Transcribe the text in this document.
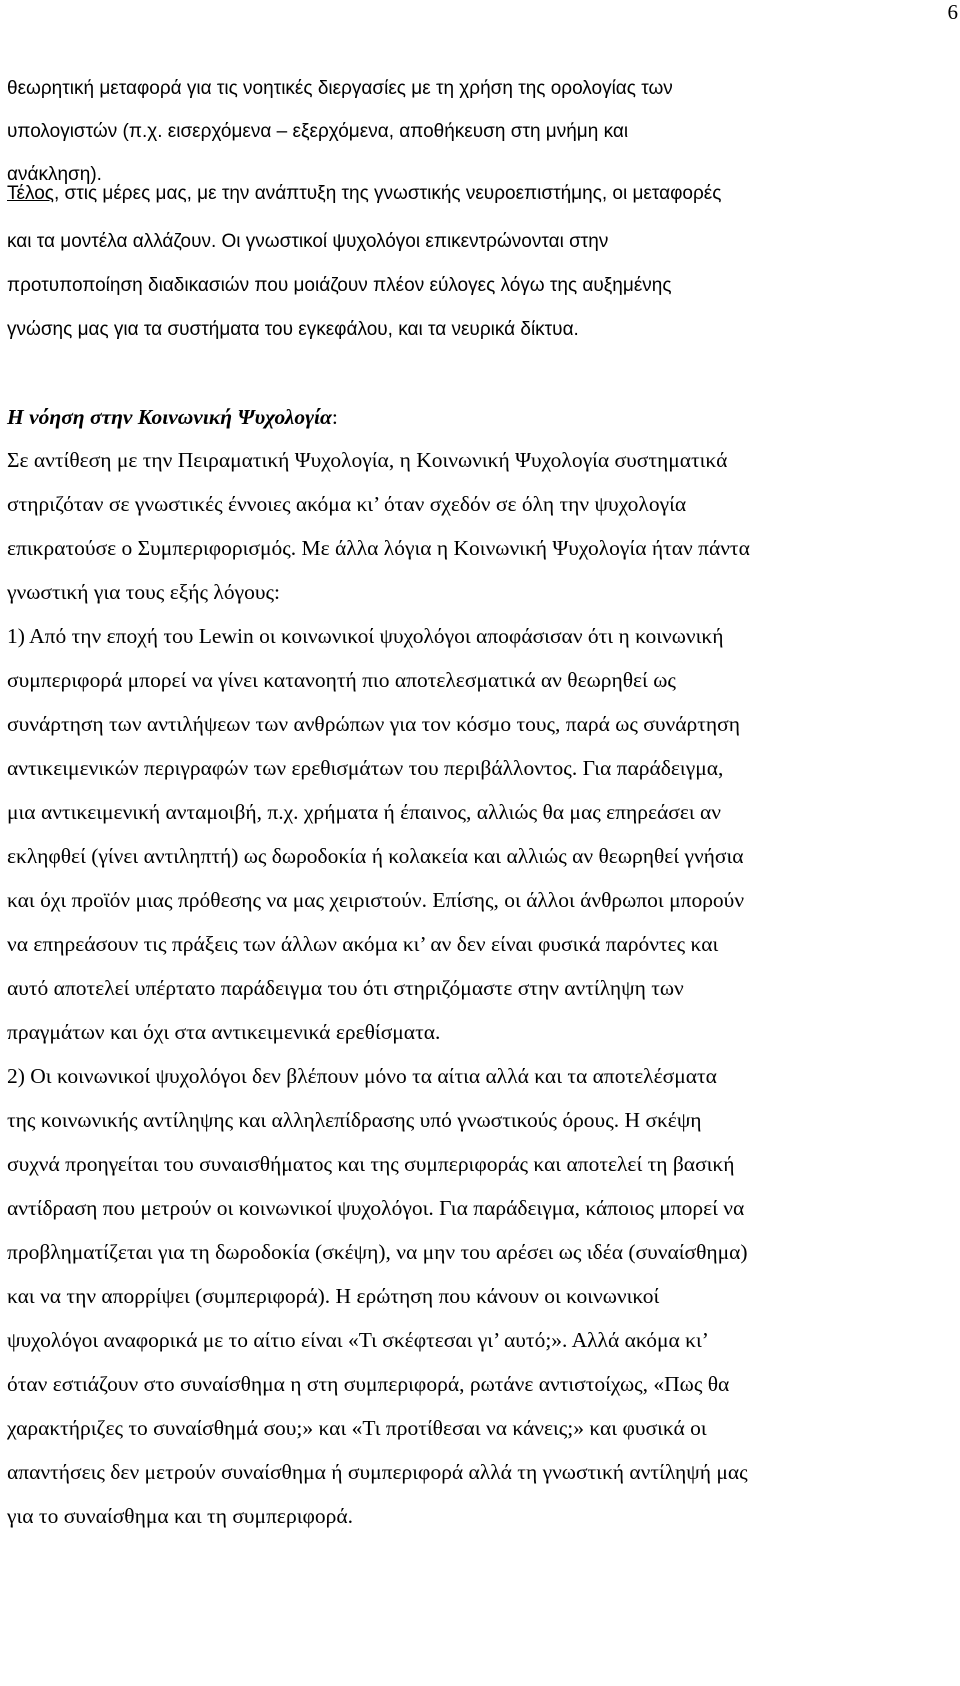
6
θεωρητική μεταφορά για τις νοητικές διεργασίες με τη χρήση της ορολογίας των
υπολογιστών (π.χ. εισερχόμενα – εξερχόμενα, αποθήκευση στη μνήμη και
ανάκληση).
Τέλος, στις μέρες μας, με την ανάπτυξη της γνωστικής νευροεπιστήμης, οι μεταφορές
και τα μοντέλα αλλάζουν. Οι γνωστικοί ψυχολόγοι επικεντρώνονται στην
προτυποποίηση διαδικασιών που μοιάζουν πλέον εύλογες λόγω της αυξημένης
γνώσης μας για τα συστήματα του εγκεφάλου, και τα νευρικά δίκτυα.
Η νόηση στην Κοινωνική Ψυχολογία:
Σε αντίθεση με την Πειραματική Ψυχολογία, η Κοινωνική Ψυχολογία συστηματικά
στηριζόταν σε γνωστικές έννοιες ακόμα κι’ όταν σχεδόν σε όλη την ψυχολογία
επικρατούσε ο Συμπεριφορισμός. Με άλλα λόγια η Κοινωνική Ψυχολογία ήταν πάντα
γνωστική για τους εξής λόγους:
1) Από την εποχή του Lewin οι κοινωνικοί ψυχολόγοι αποφάσισαν ότι η κοινωνική
συμπεριφορά μπορεί να γίνει κατανοητή πιο αποτελεσματικά αν θεωρηθεί ως
συνάρτηση των αντιλήψεων των ανθρώπων για τον κόσμο τους, παρά ως συνάρτηση
αντικειμενικών περιγραφών των ερεθισμάτων του περιβάλλοντος. Για παράδειγμα,
μια αντικειμενική ανταμοιβή, π.χ. χρήματα ή έπαινος, αλλιώς θα μας επηρεάσει αν
εκληφθεί (γίνει αντιληπτή) ως δωροδοκία ή κολακεία και αλλιώς αν θεωρηθεί γνήσια
και όχι προϊόν μιας πρόθεσης να μας χειριστούν. Επίσης, οι άλλοι άνθρωποι μπορούν
να επηρεάσουν τις πράξεις των άλλων ακόμα κι’ αν δεν είναι φυσικά παρόντες και
αυτό αποτελεί υπέρτατο παράδειγμα του ότι στηριζόμαστε στην αντίληψη των
πραγμάτων και όχι στα αντικειμενικά ερεθίσματα.
2) Οι κοινωνικοί ψυχολόγοι δεν βλέπουν μόνο τα αίτια αλλά και τα αποτελέσματα
της κοινωνικής αντίληψης και αλληλεπίδρασης υπό γνωστικούς όρους. Η σκέψη
συχνά προηγείται του συναισθήματος και της συμπεριφοράς και αποτελεί τη βασική
αντίδραση που μετρούν οι κοινωνικοί ψυχολόγοι. Για παράδειγμα, κάποιος μπορεί να
προβληματίζεται για τη δωροδοκία (σκέψη), να μην του αρέσει ως ιδέα (συναίσθημα)
και να την απορρίψει (συμπεριφορά). Η ερώτηση που κάνουν οι κοινωνικοί
ψυχολόγοι αναφορικά με το αίτιο είναι «Τι σκέφτεσαι γι’ αυτό;». Αλλά ακόμα κι’
όταν εστιάζουν στο συναίσθημα η στη συμπεριφορά, ρωτάνε αντιστοίχως, «Πως θα
χαρακτήριζες το συναίσθημά σου;» και «Τι προτίθεσαι να κάνεις;» και φυσικά οι
απαντήσεις δεν μετρούν συναίσθημα ή συμπεριφορά αλλά τη γνωστική αντίληψή μας
για το συναίσθημα και τη συμπεριφορά.
